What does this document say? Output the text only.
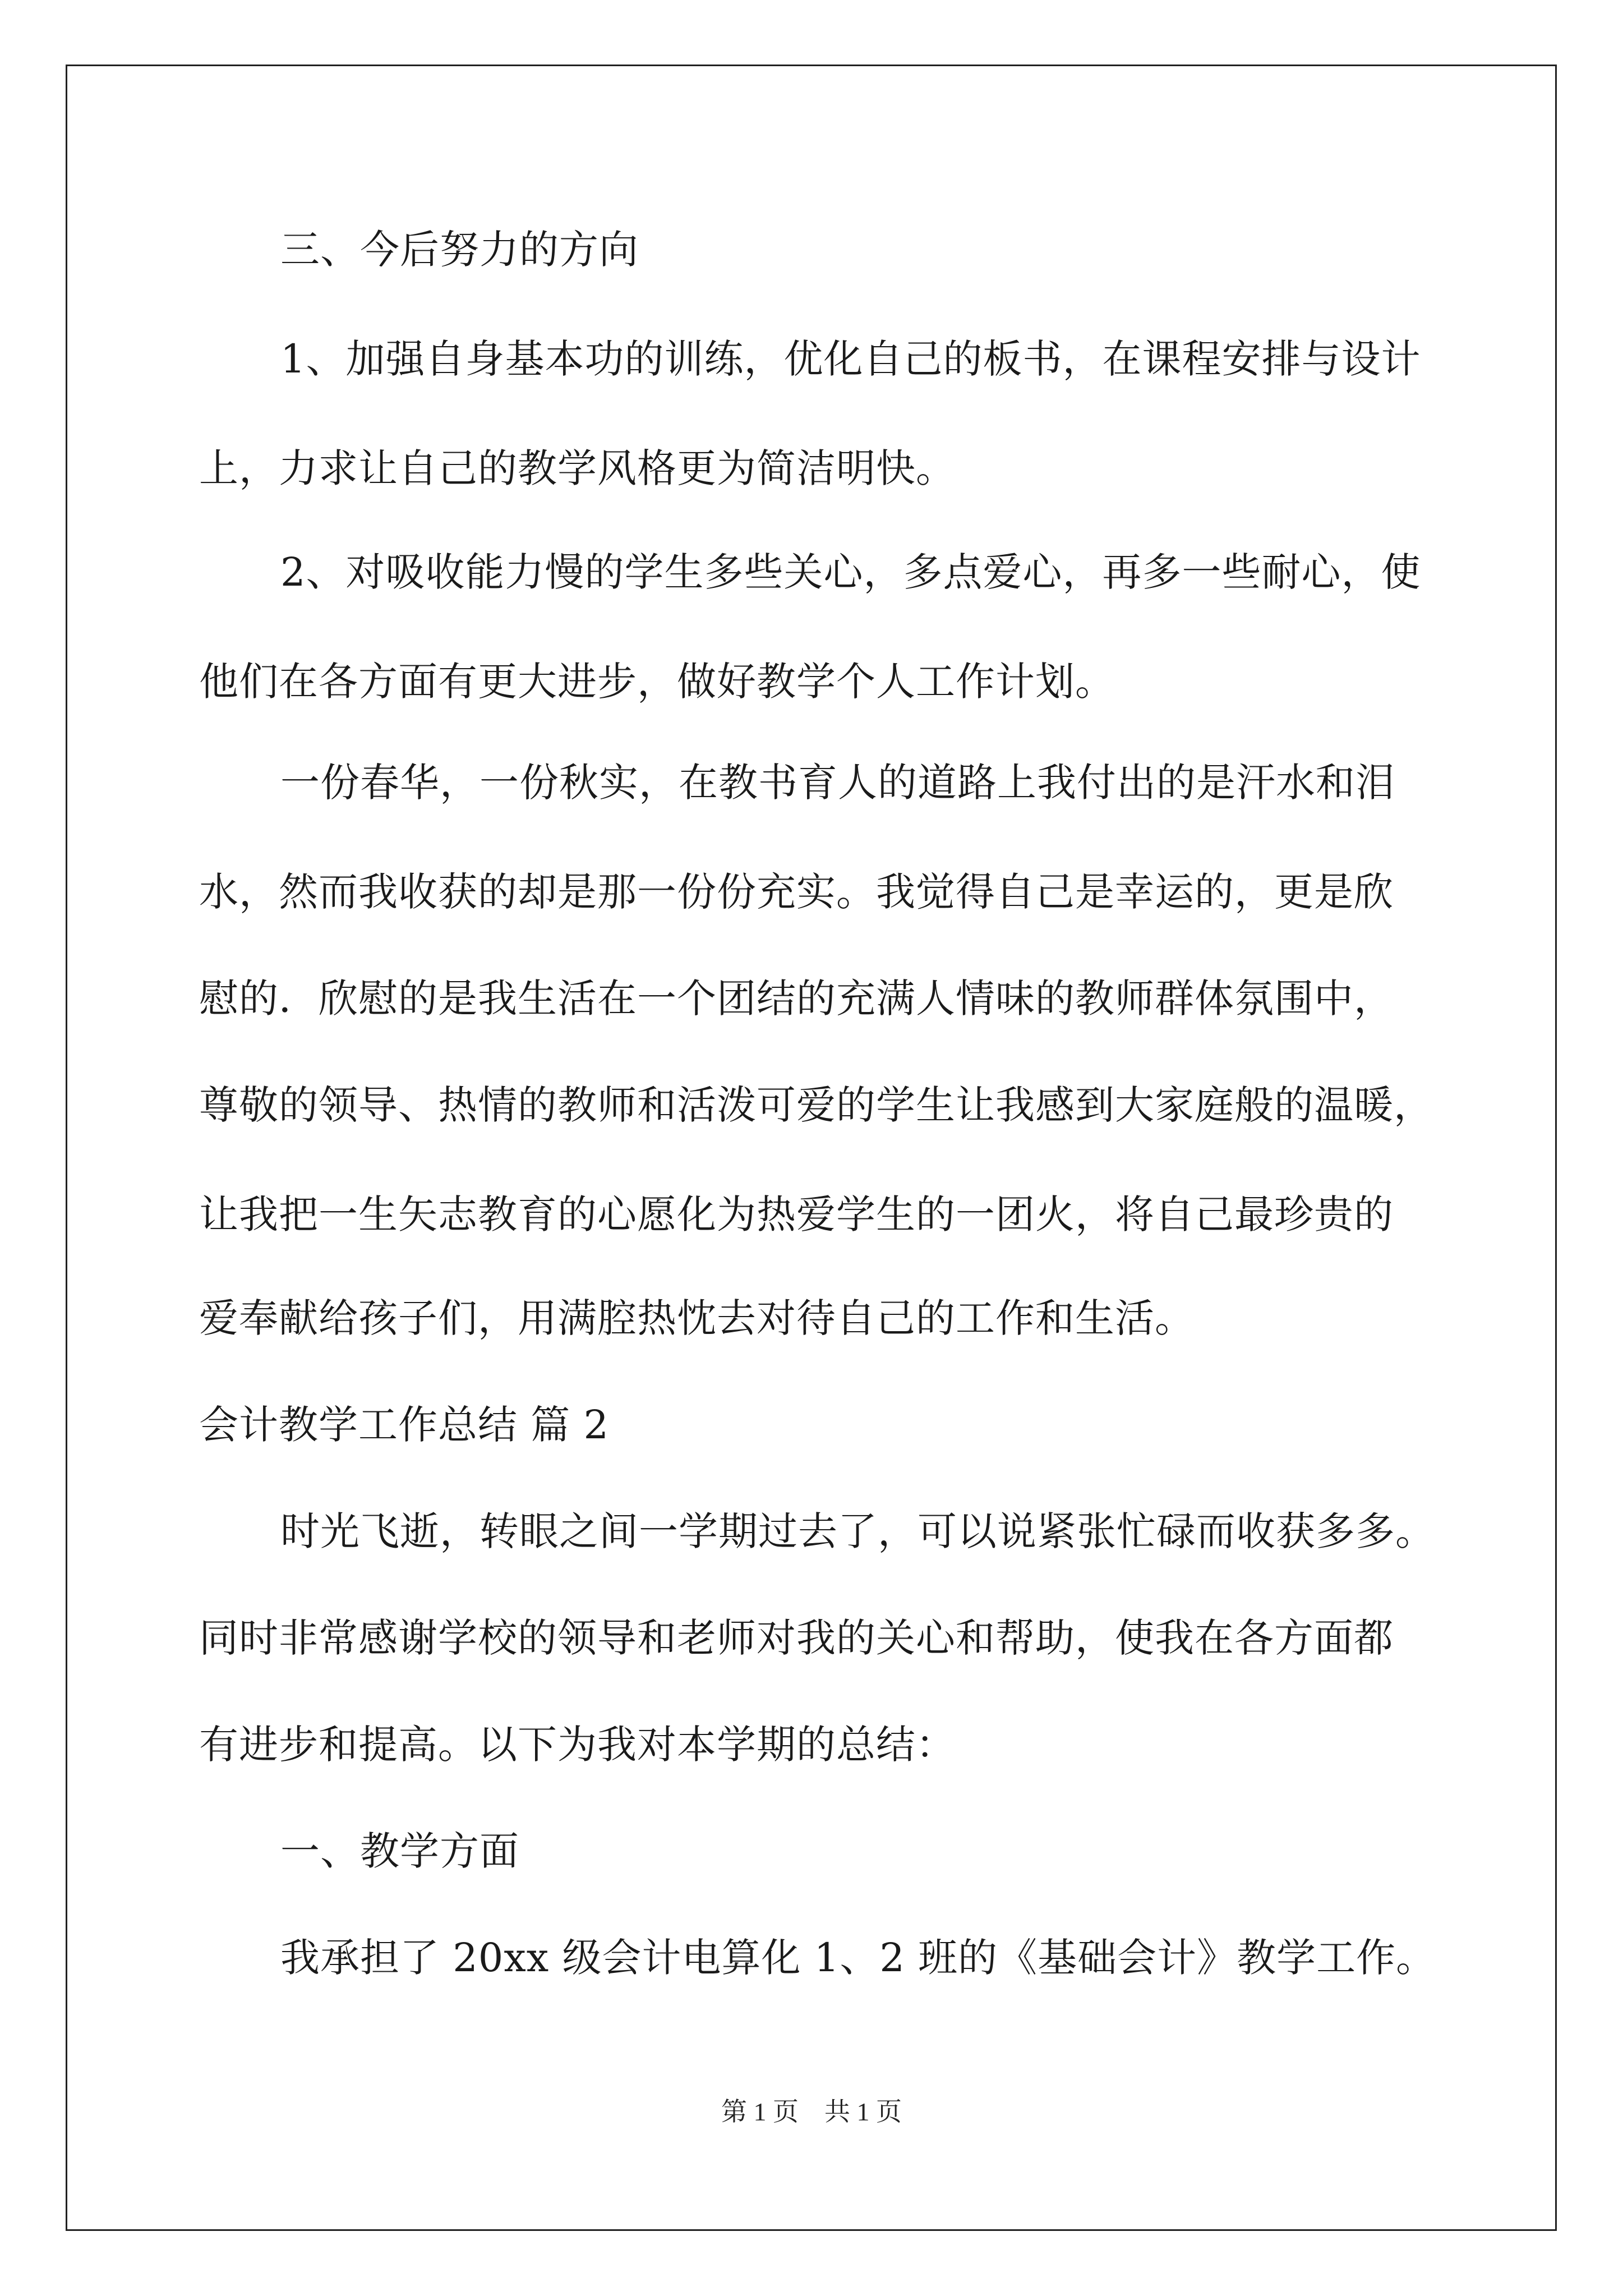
三、今后努力的方向
1、加强自身基本功的训练，优化自己的板书，在课程安排与设计
上，力求让自己的教学风格更为简洁明快。
2、对吸收能力慢的学生多些关心，多点爱心，再多一些耐心，使
他们在各方面有更大进步，做好教学个人工作计划。
一份春华，一份秋实，在教书育人的道路上我付出的是汗水和泪
水，然而我收获的却是那一份份充实。我觉得自己是幸运的，更是欣
慰的．欣慰的是我生活在一个团结的充满人情味的教师群体氛围中，
尊敬的领导、热情的教师和活泼可爱的学生让我感到大家庭般的温暖，
让我把一生矢志教育的心愿化为热爱学生的一团火，将自己最珍贵的
爱奉献给孩子们，用满腔热忱去对待自己的工作和生活。
会计教学工作总结 篇 2
时光飞逝，转眼之间一学期过去了，可以说紧张忙碌而收获多多。
同时非常感谢学校的领导和老师对我的关心和帮助，使我在各方面都
有进步和提高。以下为我对本学期的总结：
一、教学方面
我承担了 20xx 级会计电算化 1、2 班的《基础会计》教学工作。
第 1 页　共 1 页
